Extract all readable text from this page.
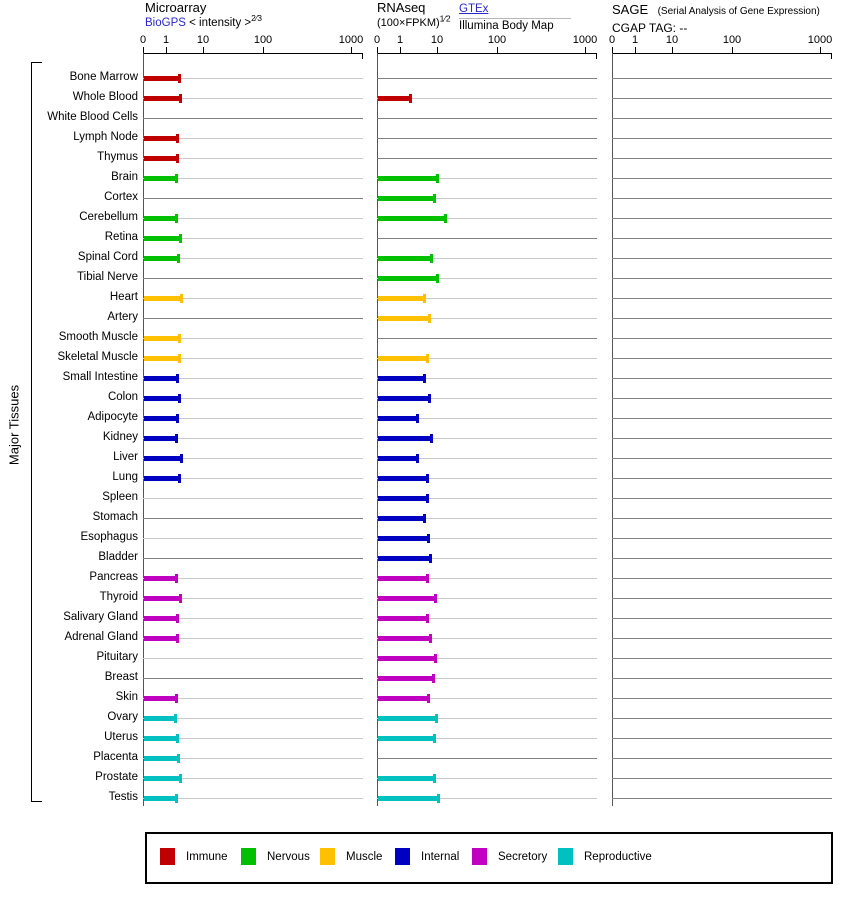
Microarray
BioGPS < intensity >$^{2⁄3}$
RNAseq
(100×FPKM)$^{1⁄2}$
GTEx
Illumina Body Map
SAGE (Serial Analysis of Gene Expression)
CGAP TAG: --
Major Tissues
0 1	10	100	1000 0 1	10	100	1000 0 1	10	100	1000
Bone Marrow
Whole Blood
White Blood Cells
Lymph Node
Thymus
Brain
Cortex
Cerebellum
Retina
Spinal Cord
Tibial Nerve
Heart
Artery
Smooth Muscle
Skeletal Muscle
Small Intestine
Colon
Adipocyte
Kidney
Liver
Lung
Spleen
Stomach
Esophagus
Bladder
Pancreas
Thyroid
Salivary Gland
Adrenal Gland
Pituitary
Breast
Skin
Ovary
Uterus
Placenta
Prostate
Testis
Immune	Nervous	Muscle	Internal	Secretory	Reproductive
